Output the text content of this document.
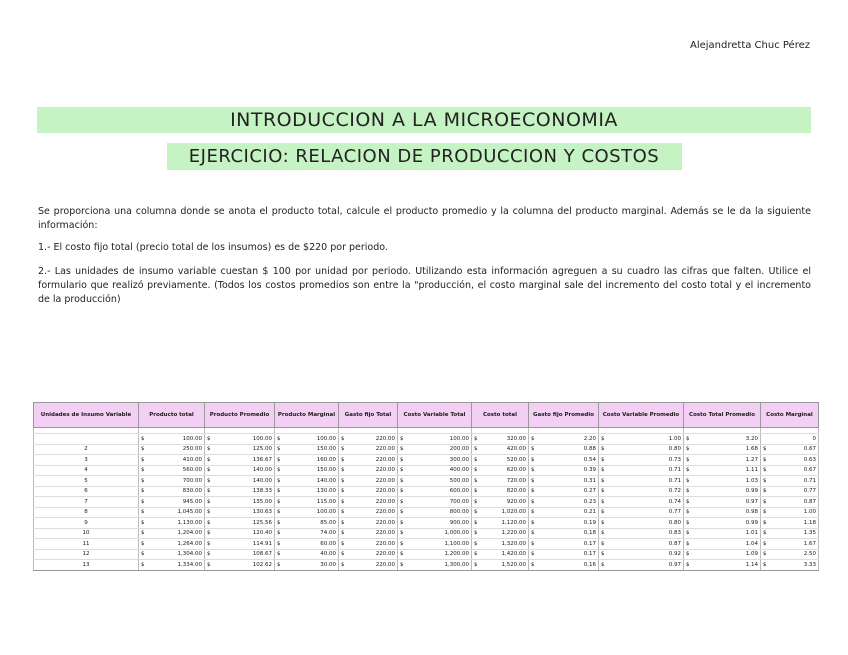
Alejandretta Chuc Pérez
INTRODUCCION A LA MICROECONOMIA
EJERCICIO: RELACION DE PRODUCCION Y COSTOS
Se proporciona una columna donde se anota el producto total, calcule el producto promedio y la columna del producto marginal. Además se le da la siguiente información:
1.- El costo fijo total (precio total de los insumos) es de $220 por periodo.
2.- Las unidades de insumo variable cuestan $ 100 por unidad por periodo. Utilizando esta información agreguen a su cuadro las cifras que falten. Utilice el formulario que realizó previamente. (Todos los costos promedios son entre la "producción, el costo marginal sale del incremento del costo total y el incremento de la producción)
Unidades de Insumo Variable	Producto total	Producto Promedio	Producto Marginal	Gasto fijo Total	Costo Variable Total	Costo total	Gasto fijo Promedio	Costo Variable Promedio	Costo Total Promedio	Costo Marginal

	$ 100.00	$ 100.00	$ 100.00	$ 220.00	$ 100.00	$ 320.00	$ 2.20	$ 1.00	$ 3.20	0
2	$ 250.00	$ 125.00	$ 150.00	$ 220.00	$ 200.00	$ 420.00	$ 0.88	$ 0.80	$ 1.68	$ 0.67
3	$ 410.00	$ 136.67	$ 160.00	$ 220.00	$ 300.00	$ 520.00	$ 0.54	$ 0.73	$ 1.27	$ 0.63
4	$ 560.00	$ 140.00	$ 150.00	$ 220.00	$ 400.00	$ 620.00	$ 0.39	$ 0.71	$ 1.11	$ 0.67
5	$ 700.00	$ 140.00	$ 140.00	$ 220.00	$ 500.00	$ 720.00	$ 0.31	$ 0.71	$ 1.03	$ 0.71
6	$ 830.00	$ 138.33	$ 130.00	$ 220.00	$ 600.00	$ 820.00	$ 0.27	$ 0.72	$ 0.99	$ 0.77
7	$ 945.00	$ 135.00	$ 115.00	$ 220.00	$ 700.00	$ 920.00	$ 0.23	$ 0.74	$ 0.97	$ 0.87
8	$ 1,045.00	$ 130.63	$ 100.00	$ 220.00	$ 800.00	$ 1,020.00	$ 0.21	$ 0.77	$ 0.98	$ 1.00
9	$ 1,130.00	$ 125.56	$ 85.00	$ 220.00	$ 900.00	$ 1,120.00	$ 0.19	$ 0.80	$ 0.99	$ 1.18
10	$ 1,204.00	$ 120.40	$ 74.00	$ 220.00	$ 1,000.00	$ 1,220.00	$ 0.18	$ 0.83	$ 1.01	$ 1.35
11	$ 1,264.00	$ 114.91	$ 60.00	$ 220.00	$ 1,100.00	$ 1,320.00	$ 0.17	$ 0.87	$ 1.04	$ 1.67
12	$ 1,304.00	$ 108.67	$ 40.00	$ 220.00	$ 1,200.00	$ 1,420.00	$ 0.17	$ 0.92	$ 1.09	$ 2.50
13	$ 1,334.00	$ 102.62	$ 30.00	$ 220.00	$ 1,300.00	$ 1,520.00	$ 0.16	$ 0.97	$ 1.14	$ 3.33
